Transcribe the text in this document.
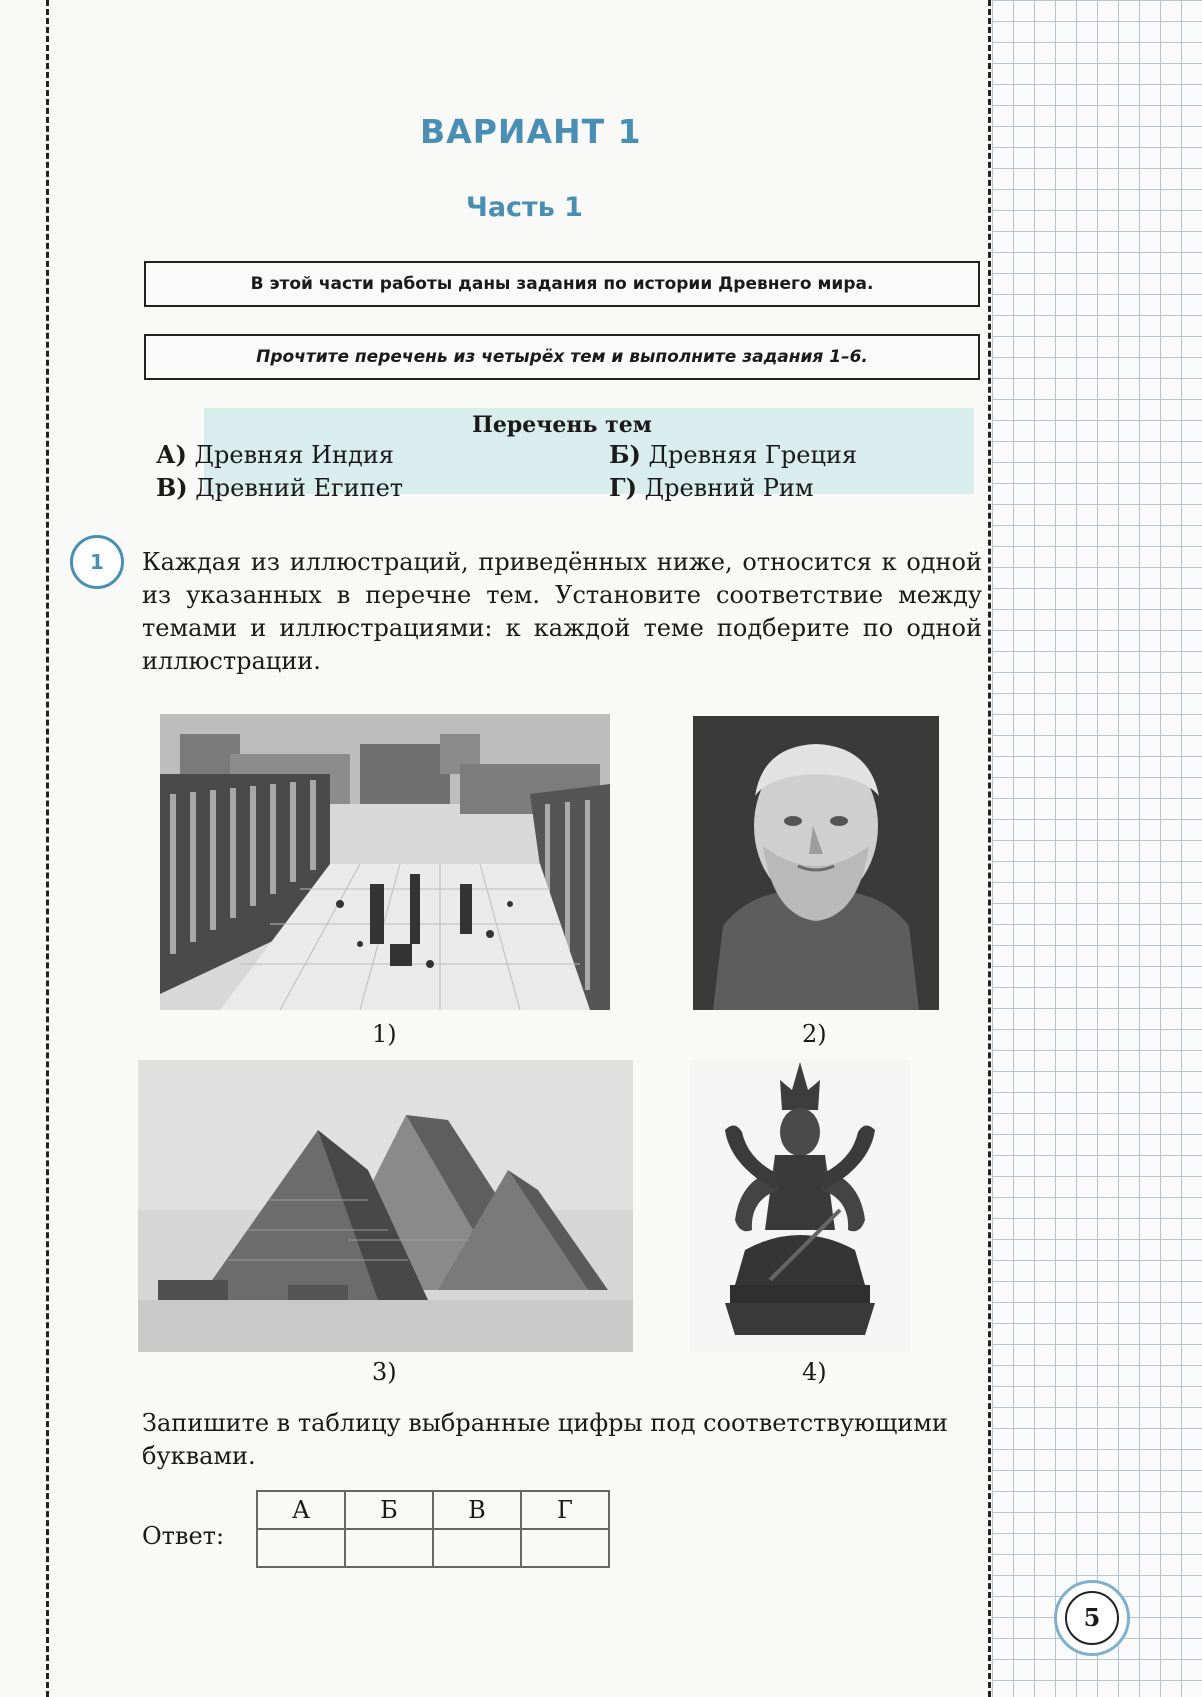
ВАРИАНТ 1
Часть 1
В этой части работы даны задания по истории Древнего мира.
Прочтите перечень из четырёх тем и выполните задания 1–6.
Перечень тем
А) Древняя Индия	Б) Древняя Греция
В) Древний Египет	Г) Древний Рим
1	Каждая из иллюстраций, приведённых ниже, относится к одной из указанных в перечне тем. Установите соответствие между темами и иллюстрациями: к каждой теме подберите по одной иллюстрации.
1)	2)
3)	4)
Запишите в таблицу выбранные цифры под соответствующими буквами.
Ответ:
А	Б	В	Г

5
